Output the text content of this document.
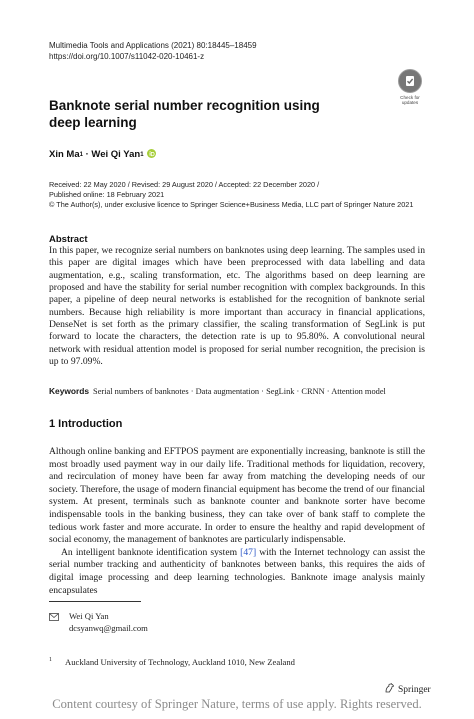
Multimedia Tools and Applications (2021) 80:18445–18459
https://doi.org/10.1007/s11042-020-10461-z
Check for updates
Banknote serial number recognition using deep learning
Xin Ma 1 · Wei Qi Yan 1
Received: 22 May 2020 / Revised: 29 August 2020 / Accepted: 22 December 2020 /
Published online: 18 February 2021
© The Author(s), under exclusive licence to Springer Science+Business Media, LLC part of Springer Nature 2021
Abstract

In this paper, we recognize serial numbers on banknotes using deep learning. The samples used in this paper are digital images which have been preprocessed with data labelling and data augmentation, e.g., scaling transformation, etc. The algorithms based on deep learning are proposed and have the stability for serial number recognition with complex backgrounds. In this paper, a pipeline of deep neural networks is established for the recognition of banknote serial numbers. Because high reliability is more important than accuracy in financial applications, DenseNet is set forth as the primary classifier, the scaling transformation of SegLink is put forward to locate the characters, the detection rate is up to 95.80%. A convolutional neural network with residual attention model is proposed for serial number recognition, the precision is up to 97.09%.

Keywords Serial numbers of banknotes · Data augmentation · SegLink · CRNN · Attention model
1 Introduction

Although online banking and EFTPOS payment are exponentially increasing, banknote is still the most broadly used payment way in our daily life. Traditional methods for liquidation, recovery, and recirculation of money have been far away from matching the developing needs of our society. Therefore, the usage of modern financial equipment has become the trend of our financial system. At present, terminals such as banknote counter and banknote sorter have become indispensable tools in the banking business, they can take over of bank staff to complete the tedious work faster and more accurate. In order to ensure the healthy and rapid development of social economy, the management of banknotes are particularly indispensable.

An intelligent banknote identification system [47] with the Internet technology can assist the serial number tracking and authenticity of banknotes between banks, this requires the aids of digital image processing and deep learning technologies. Banknote image analysis mainly encapsulates

Wei Qi Yan
dcsyanwq@gmail.com
$^1$ Auckland University of Technology, Auckland 1010, New Zealand
Springer
Content courtesy of Springer Nature, terms of use apply. Rights reserved.
